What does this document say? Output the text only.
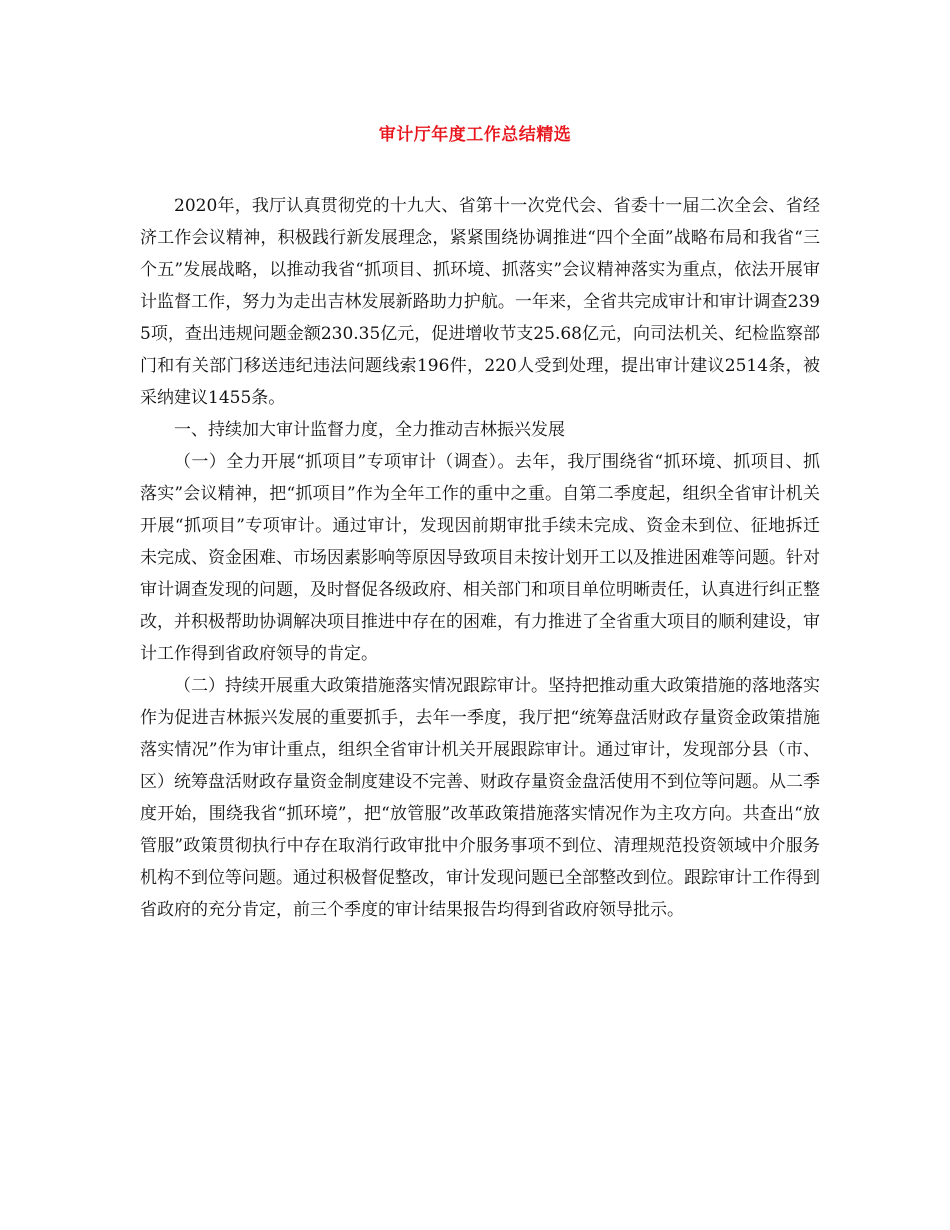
审计厅年度工作总结精选

2020年，我厅认真贯彻党的十九大、省第十一次党代会、省委十一届二次全会、省经济工作会议精神，积极践行新发展理念，紧紧围绕协调推进“四个全面”战略布局和我省“三个五”发展战略，以推动我省“抓项目、抓环境、抓落实”会议精神落实为重点，依法开展审计监督工作，努力为走出吉林发展新路助力护航。一年来，全省共完成审计和审计调查2395项，查出违规问题金额230.35亿元，促进增收节支25.68亿元，向司法机关、纪检监察部门和有关部门移送违纪违法问题线索196件，220人受到处理，提出审计建议2514条，被采纳建议1455条。

一、持续加大审计监督力度，全力推动吉林振兴发展

（一）全力开展“抓项目”专项审计（调查）。去年，我厅围绕省“抓环境、抓项目、抓落实”会议精神，把“抓项目”作为全年工作的重中之重。自第二季度起，组织全省审计机关开展“抓项目”专项审计。通过审计，发现因前期审批手续未完成、资金未到位、征地拆迁未完成、资金困难、市场因素影响等原因导致项目未按计划开工以及推进困难等问题。针对审计调查发现的问题，及时督促各级政府、相关部门和项目单位明晰责任，认真进行纠正整改，并积极帮助协调解决项目推进中存在的困难，有力推进了全省重大项目的顺利建设，审计工作得到省政府领导的肯定。

（二）持续开展重大政策措施落实情况跟踪审计。坚持把推动重大政策措施的落地落实作为促进吉林振兴发展的重要抓手，去年一季度，我厅把“统筹盘活财政存量资金政策措施落实情况”作为审计重点，组织全省审计机关开展跟踪审计。通过审计，发现部分县（市、区）统筹盘活财政存量资金制度建设不完善、财政存量资金盘活使用不到位等问题。从二季度开始，围绕我省“抓环境”，把“放管服”改革政策措施落实情况作为主攻方向。共查出“放管服”政策贯彻执行中存在取消行政审批中介服务事项不到位、清理规范投资领域中介服务机构不到位等问题。通过积极督促整改，审计发现问题已全部整改到位。跟踪审计工作得到省政府的充分肯定，前三个季度的审计结果报告均得到省政府领导批示。
